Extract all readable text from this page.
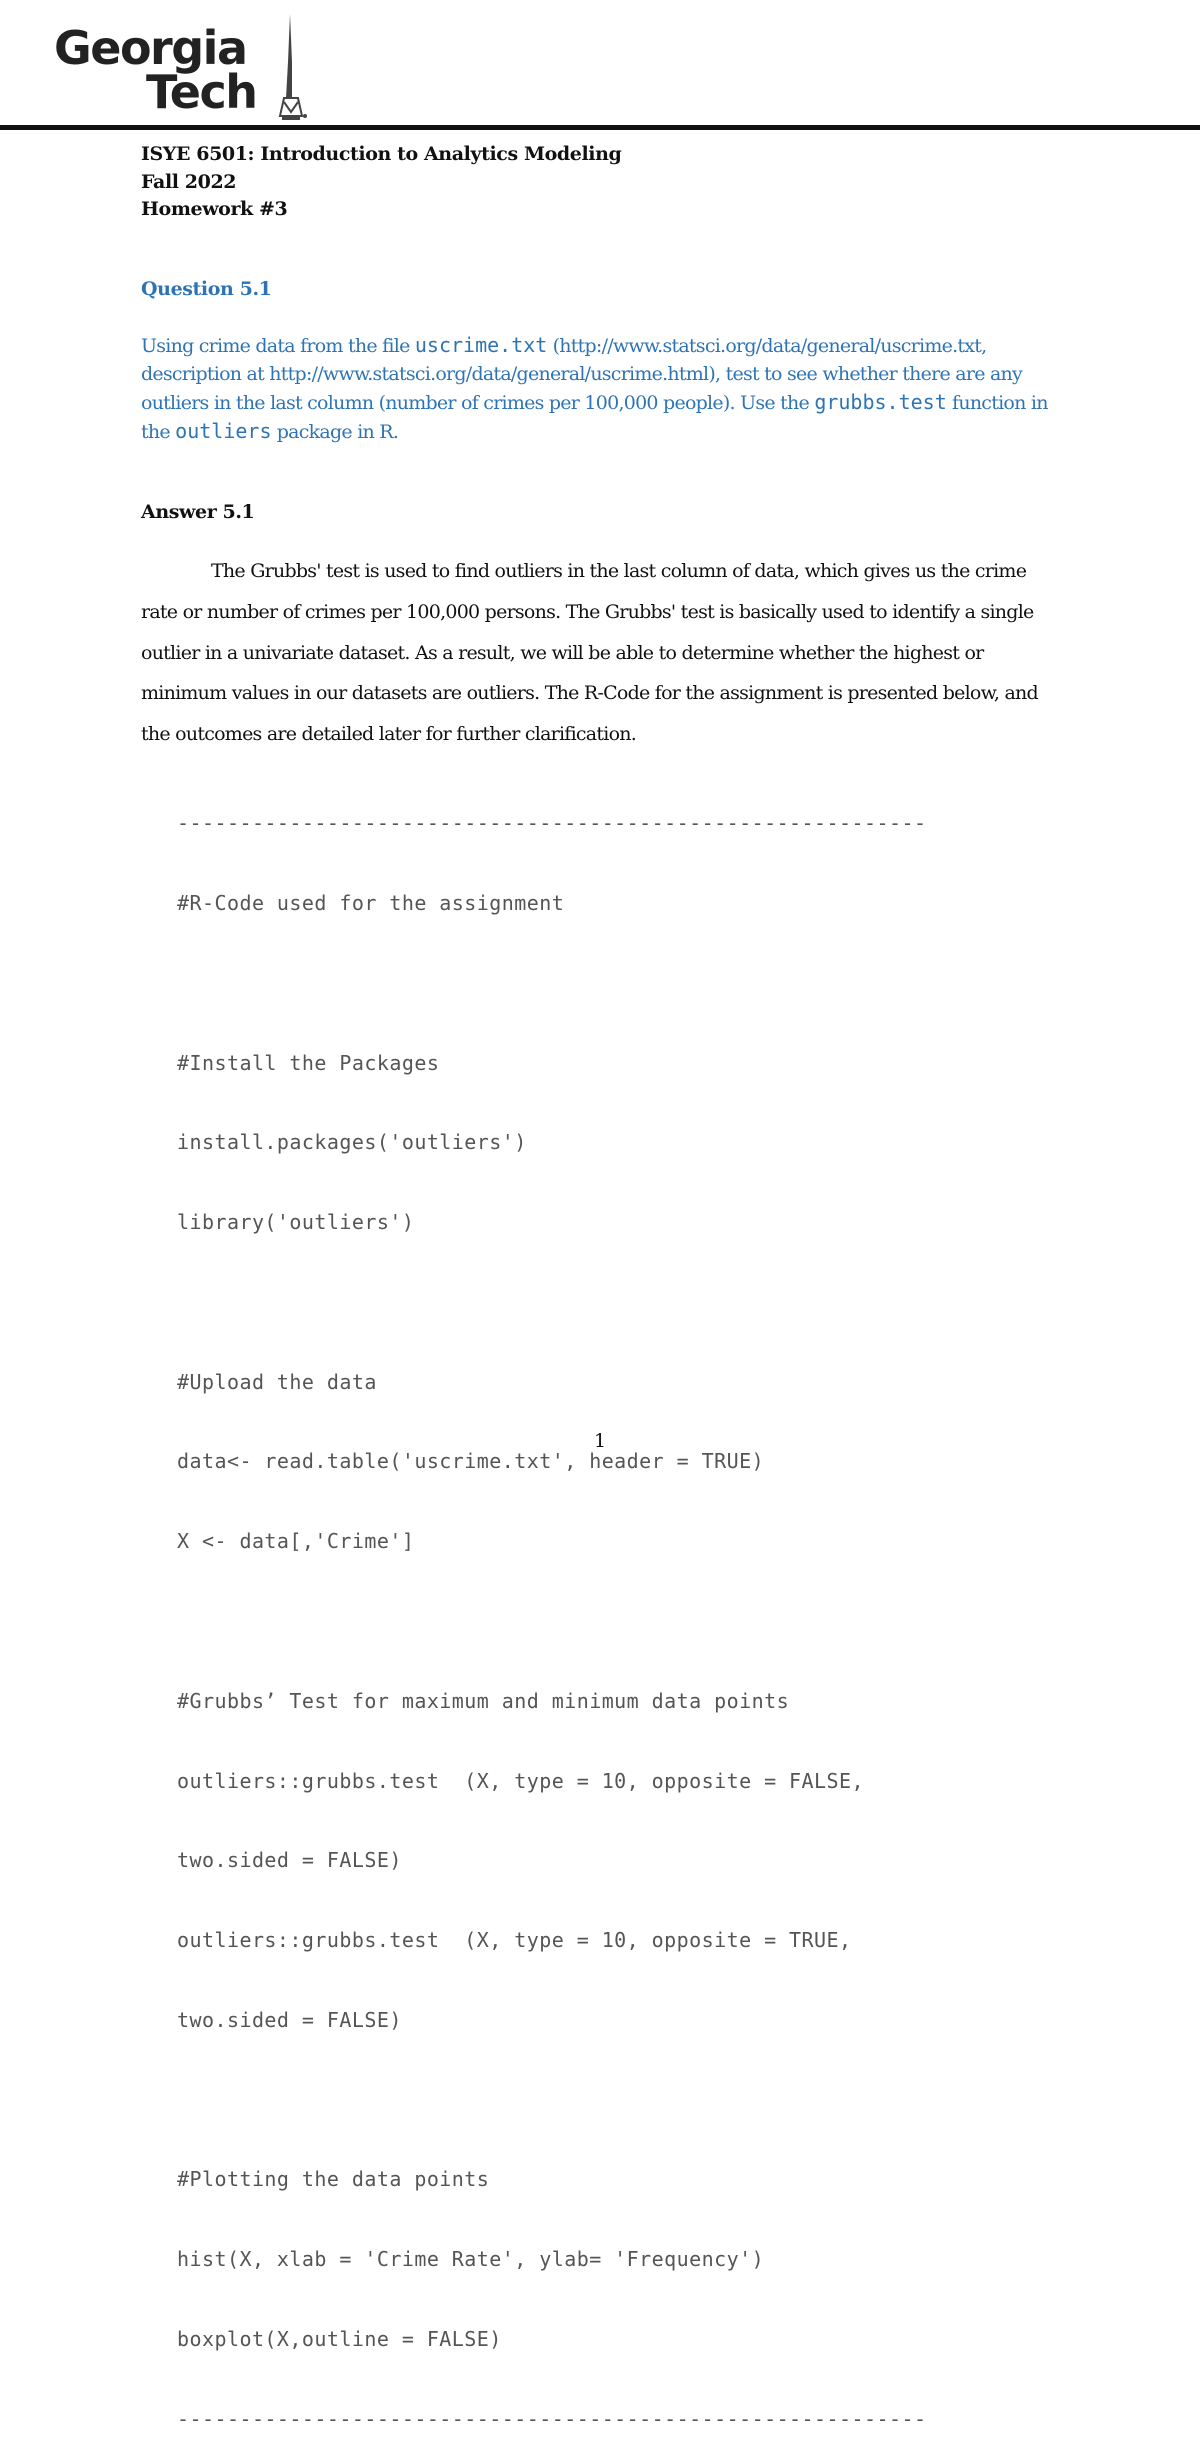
Georgia
Tech
ISYE 6501: Introduction to Analytics Modeling
Fall 2022
Homework #3
Question 5.1
Using crime data from the file uscrime.txt (http://www.statsci.org/data/general/uscrime.txt, description at http://www.statsci.org/data/general/uscrime.html), test to see whether there are any outliers in the last column (number of crimes per 100,000 people). Use the grubbs.test function in the outliers package in R.
Answer 5.1
The Grubbs' test is used to find outliers in the last column of data, which gives us the crime rate or number of crimes per 100,000 persons. The Grubbs' test is basically used to identify a single outlier in a univariate dataset. As a result, we will be able to determine whether the highest or minimum values in our datasets are outliers. The R-Code for the assignment is presented below, and the outcomes are detailed later for further clarification.

------------------------------------------------------------

#R-Code used for the assignment

#Install the Packages

install.packages('outliers')

library('outliers')

#Upload the data

data<- read.table('uscrime.txt', header = TRUE)

X <- data[,'Crime']

#Grubbs’ Test for maximum and minimum data points

outliers::grubbs.test  (X, type = 10, opposite = FALSE,

two.sided = FALSE)

outliers::grubbs.test  (X, type = 10, opposite = TRUE,

two.sided = FALSE)

#Plotting the data points

hist(X, xlab = 'Crime Rate', ylab= 'Frequency')

boxplot(X,outline = FALSE)

------------------------------------------------------------

1
